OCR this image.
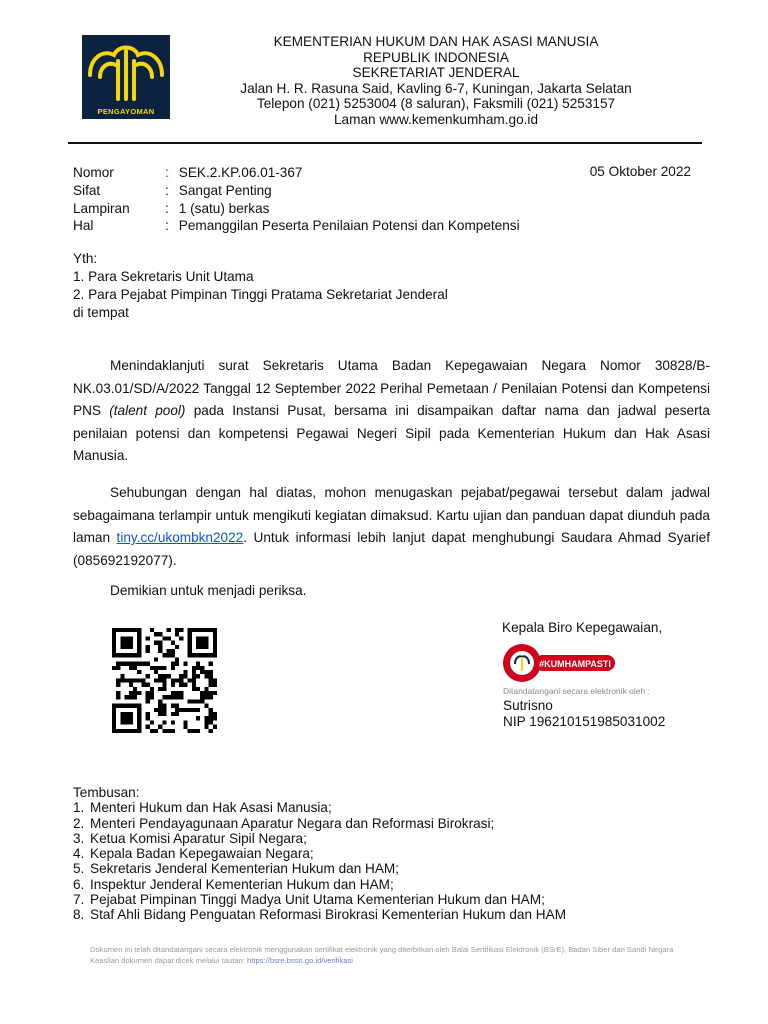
PENGAYOMAN
KEMENTERIAN HUKUM DAN HAK ASASI MANUSIA
REPUBLIK INDONESIA
SEKRETARIAT JENDERAL
Jalan H. R. Rasuna Said, Kavling 6-7, Kuningan, Jakarta Selatan
Telepon (021) 5253004 (8 saluran), Faksmili (021) 5253157
Laman www.kemenkumham.go.id
Nomor	: SEK.2.KP.06.01-367
Sifat	: Sangat Penting
Lampiran	: 1 (satu) berkas
Hal	: Pemanggilan Peserta Penilaian Potensi dan Kompetensi
05 Oktober 2022
Yth:
1. Para Sekretaris Unit Utama
2. Para Pejabat Pimpinan Tinggi Pratama Sekretariat Jenderal
di tempat
Menindaklanjuti surat Sekretaris Utama Badan Kepegawaian Negara Nomor 30828/B-NK.03.01/SD/A/2022 Tanggal 12 September 2022 Perihal Pemetaan / Penilaian Potensi dan Kompetensi PNS (talent pool) pada Instansi Pusat, bersama ini disampaikan daftar nama dan jadwal peserta penilaian potensi dan kompetensi Pegawai Negeri Sipil pada Kementerian Hukum dan Hak Asasi Manusia.
Sehubungan dengan hal diatas, mohon menugaskan pejabat/pegawai tersebut dalam jadwal sebagaimana terlampir untuk mengikuti kegiatan dimaksud. Kartu ujian dan panduan dapat diunduh pada laman tiny.cc/ukombkn2022. Untuk informasi lebih lanjut dapat menghubungi Saudara Ahmad Syarief (085692192077).
Demikian untuk menjadi periksa.
Kepala Biro Kepegawaian,
#KUMHAMPASTI
Ditandatangani secara elektronik oleh :
Sutrisno
NIP 196210151985031002
Tembusan:
1. Menteri Hukum dan Hak Asasi Manusia;
2. Menteri Pendayagunaan Aparatur Negara dan Reformasi Birokrasi;
3. Ketua Komisi Aparatur Sipil Negara;
4. Kepala Badan Kepegawaian Negara;
5. Sekretaris Jenderal Kementerian Hukum dan HAM;
6. Inspektur Jenderal Kementerian Hukum dan HAM;
7. Pejabat Pimpinan Tinggi Madya Unit Utama Kementerian Hukum dan HAM;
8. Staf Ahli Bidang Penguatan Reformasi Birokrasi Kementerian Hukum dan HAM
Dokumen ini telah ditandatangani secara elektronik menggunakan sertifikat elektronik yang diterbitkan oleh Balai Sertifikasi Elektronik (BSrE), Badan Siber dan Sandi Negara
Keaslian dokumen dapat dicek melalui tautan: https://bsre.bssn.go.id/verifikasi
